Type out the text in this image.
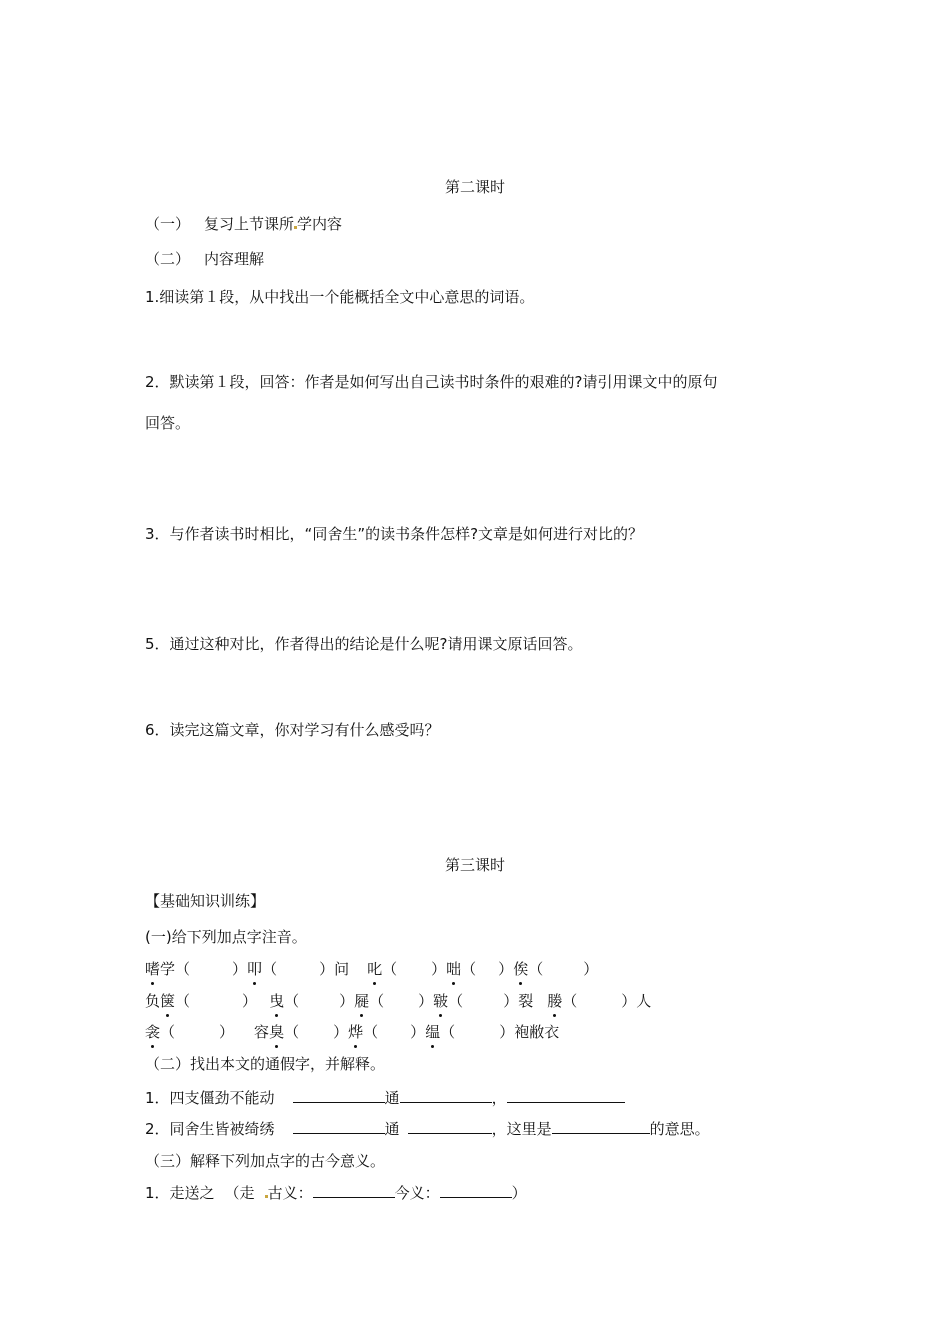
第二课时
（一） 复习上节课所 学内容
（二） 内容理解
1.细读第１段，从中找出一个能概括全文中心意思的词语。
2．默读第１段，回答：作者是如何写出自己读书时条件的艰难的?请引用课文中的原句
回答。
3．与作者读书时相比，“同舍生”的读书条件怎样?文章是如何进行对比的？
5．通过这种对比，作者得出的结论是什么呢?请用课文原话回答。
6．读完这篇文章，你对学习有什么感受吗？
第三课时
【基础知识训练】
(一)给下列加点字注音。
嗜学（	）叩（	）问 叱（ ）咄（ ）俟（	）
负箧（	） 曳（	）屣（ ）皲（	）裂 媵（	）人
衾（	） 容臭（ ）烨（ ）缊（	）袍敝衣
（二）找出本文的通假字，并解释。
1．四支僵劲不能动	通	，
2．同舍生皆被绮绣	通	，这里是	的意思。
（三）解释下列加点字的古今意义。
1．走送之 （走 古义：	今义：	）
